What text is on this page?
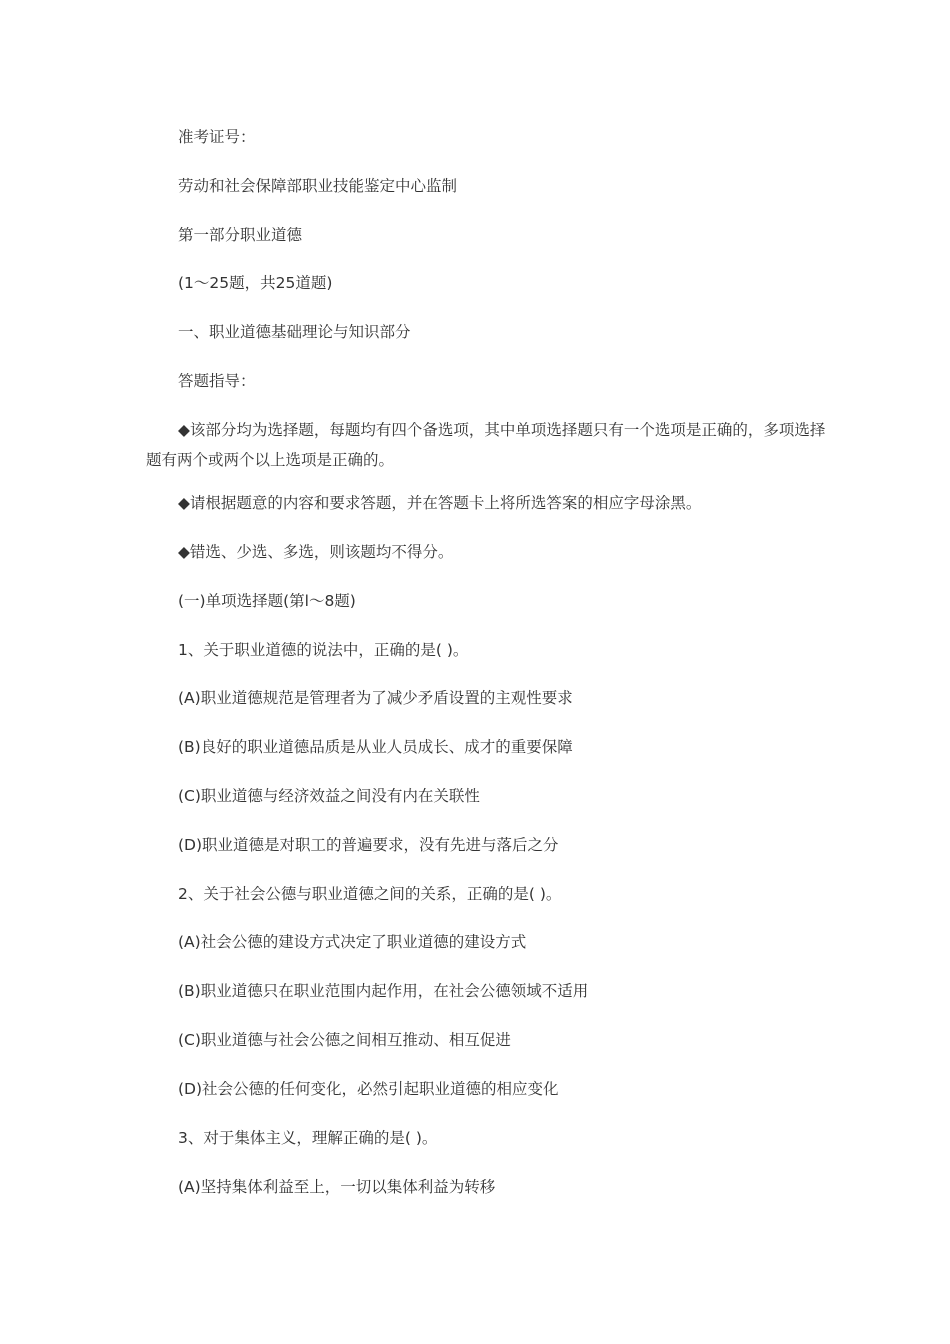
准考证号：

劳动和社会保障部职业技能鉴定中心监制

第一部分职业道德

(1～25题，共25道题)

一、职业道德基础理论与知识部分

答题指导：

◆该部分均为选择题，每题均有四个备选项，其中单项选择题只有一个选项是正确的，多项选择题有两个或两个以上选项是正确的。

◆请根据题意的内容和要求答题，并在答题卡上将所选答案的相应字母涂黑。

◆错选、少选、多选，则该题均不得分。

(一)单项选择题(第l～8题)

1、关于职业道德的说法中，正确的是( )。

(A)职业道德规范是管理者为了减少矛盾设置的主观性要求

(B)良好的职业道德品质是从业人员成长、成才的重要保障

(C)职业道德与经济效益之间没有内在关联性

(D)职业道德是对职工的普遍要求，没有先进与落后之分

2、关于社会公德与职业道德之间的关系，正确的是( )。

(A)社会公德的建设方式决定了职业道德的建设方式

(B)职业道德只在职业范围内起作用，在社会公德领域不适用

(C)职业道德与社会公德之间相互推动、相互促进

(D)社会公德的任何变化，必然引起职业道德的相应变化

3、对于集体主义，理解正确的是( )。

(A)坚持集体利益至上，一切以集体利益为转移
